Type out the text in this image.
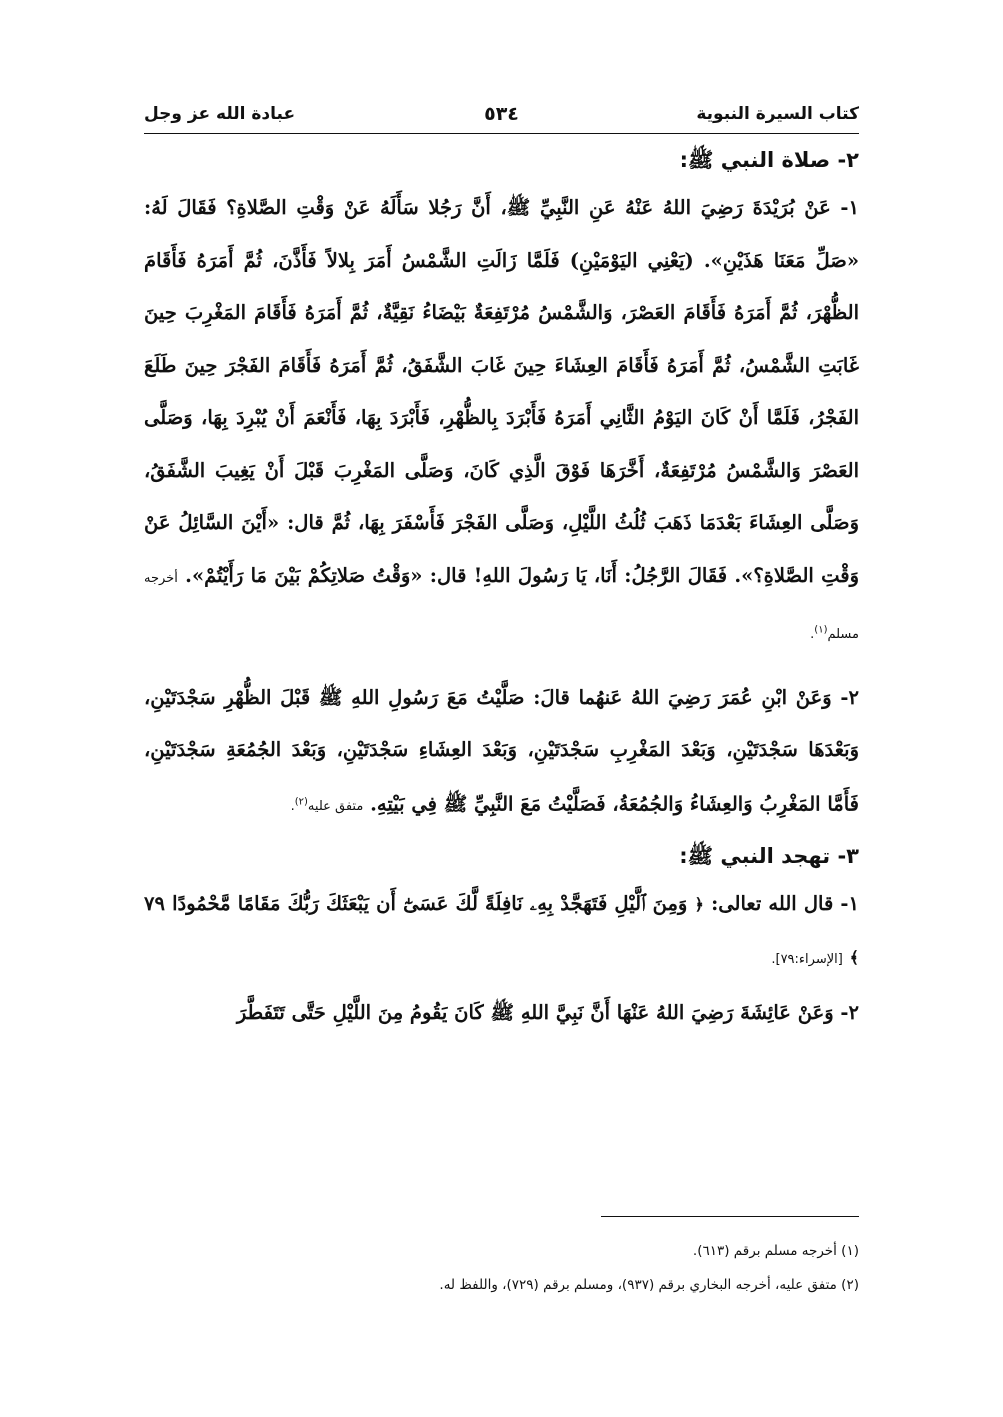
كتاب السيرة النبوية
٥٣٤
عبادة الله عز وجل

٢- صلاة النبي ﷺ:

١- عَنْ بُرَيْدَةَ رَضِيَ اللهُ عَنْهُ عَنِ النَّبِيِّ ﷺ، أَنَّ رَجُلا سَأَلَهُ عَنْ وَقْتِ الصَّلاةِ؟ فَقَالَ لَهُ: «صَلِّ مَعَنَا هَذَيْنِ». (يَعْنِي اليَوْمَيْنِ) فَلَمَّا زَالَتِ الشَّمْسُ أَمَرَ بِلالاً فَأَذَّنَ، ثُمَّ أَمَرَهُ فَأَقَامَ الظُّهْرَ، ثُمَّ أَمَرَهُ فَأَقَامَ العَصْرَ، وَالشَّمْسُ مُرْتَفِعَةٌ بَيْضَاءُ نَقِيَّةٌ، ثُمَّ أَمَرَهُ فَأَقَامَ المَغْرِبَ حِينَ غَابَتِ الشَّمْسُ، ثُمَّ أَمَرَهُ فَأَقَامَ العِشَاءَ حِينَ غَابَ الشَّفَقُ، ثُمَّ أَمَرَهُ فَأَقَامَ الفَجْرَ حِينَ طَلَعَ الفَجْرُ، فَلَمَّا أَنْ كَانَ اليَوْمُ الثَّانِي أَمَرَهُ فَأَبْرَدَ بِالظُّهْرِ، فَأَبْرَدَ بِهَا، فَأَنْعَمَ أَنْ يُبْرِدَ بِهَا، وَصَلَّى العَصْرَ وَالشَّمْسُ مُرْتَفِعَةٌ، أَخَّرَهَا فَوْقَ الَّذِي كَانَ، وَصَلَّى المَغْرِبَ قَبْلَ أَنْ يَغِيبَ الشَّفَقُ، وَصَلَّى العِشَاءَ بَعْدَمَا ذَهَبَ ثُلُثُ اللَّيْلِ، وَصَلَّى الفَجْرَ فَأَسْفَرَ بِهَا، ثُمَّ قال: «أَيْنَ السَّائِلُ عَنْ وَقْتِ الصَّلاةِ؟». فَقَالَ الرَّجُلُ: أَنَا، يَا رَسُولَ اللهِ! قال: «وَقْتُ صَلاتِكُمْ بَيْنَ مَا رَأَيْتُمْ». أخرجه مسلم$^{(١)}$.

٢- وَعَنْ ابْنِ عُمَرَ رَضِيَ اللهُ عَنهُما قالَ: صَلَّيْتُ مَعَ رَسُولِ اللهِ ﷺ قَبْلَ الظُّهْرِ سَجْدَتَيْنِ، وَبَعْدَهَا سَجْدَتَيْنِ، وَبَعْدَ المَغْرِبِ سَجْدَتَيْنِ، وَبَعْدَ العِشَاءِ سَجْدَتَيْنِ، وَبَعْدَ الجُمُعَةِ سَجْدَتَيْنِ، فَأَمَّا المَغْرِبُ وَالعِشَاءُ وَالجُمُعَةُ، فَصَلَّيْتُ مَعَ النَّبِيِّ ﷺ فِي بَيْتِهِ. متفق عليه$^{(٢)}$.

٣- تهجد النبي ﷺ:

١- قال الله تعالى: ﴿ وَمِنَ ٱلَّيْلِ فَتَهَجَّدْ بِهِۦ نَافِلَةً لَّكَ عَسَىٰٓ أَن يَبْعَثَكَ رَبُّكَ مَقَامًا مَّحْمُودًا ٧٩ ﴾ [الإسراء:٧٩].

٢- وَعَنْ عَائِشَةَ رَضِيَ اللهُ عَنْهَا أَنَّ نَبِيَّ اللهِ ﷺ كَانَ يَقُومُ مِنَ اللَّيْلِ حَتَّى تَتَفَطَّرَ

(١) أخرجه مسلم برقم (٦١٣).

(٢) متفق عليه، أخرجه البخاري برقم (٩٣٧)، ومسلم برقم (٧٢٩)، واللفظ له.
